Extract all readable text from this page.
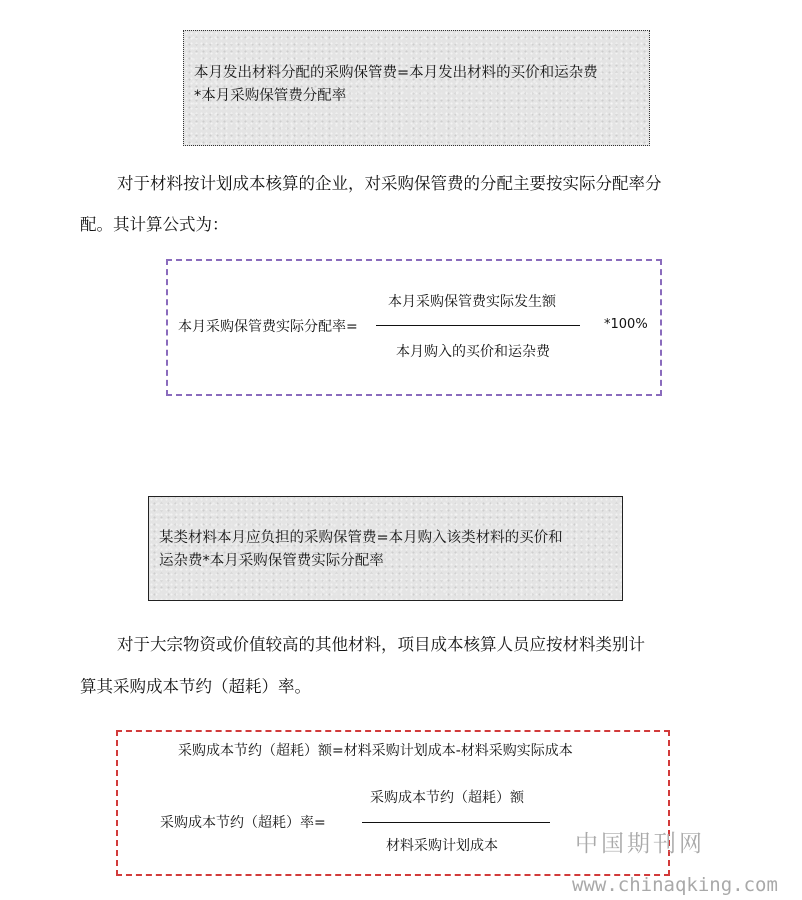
本月发出材料分配的采购保管费=本月发出材料的买价和运杂费
*本月采购保管费分配率
对于材料按计划成本核算的企业，对采购保管费的分配主要按实际分配率分
配。其计算公式为：
本月采购保管费实际分配率=
本月采购保管费实际发生额
本月购入的买价和运杂费
*100%
某类材料本月应负担的采购保管费=本月购入该类材料的买价和
运杂费*本月采购保管费实际分配率
对于大宗物资或价值较高的其他材料，项目成本核算人员应按材料类别计
算其采购成本节约（超耗）率。
采购成本节约（超耗）额=材料采购计划成本-材料采购实际成本
采购成本节约（超耗）率=
采购成本节约（超耗）额
材料采购计划成本	中国期刊网
www.chinaqking.com
